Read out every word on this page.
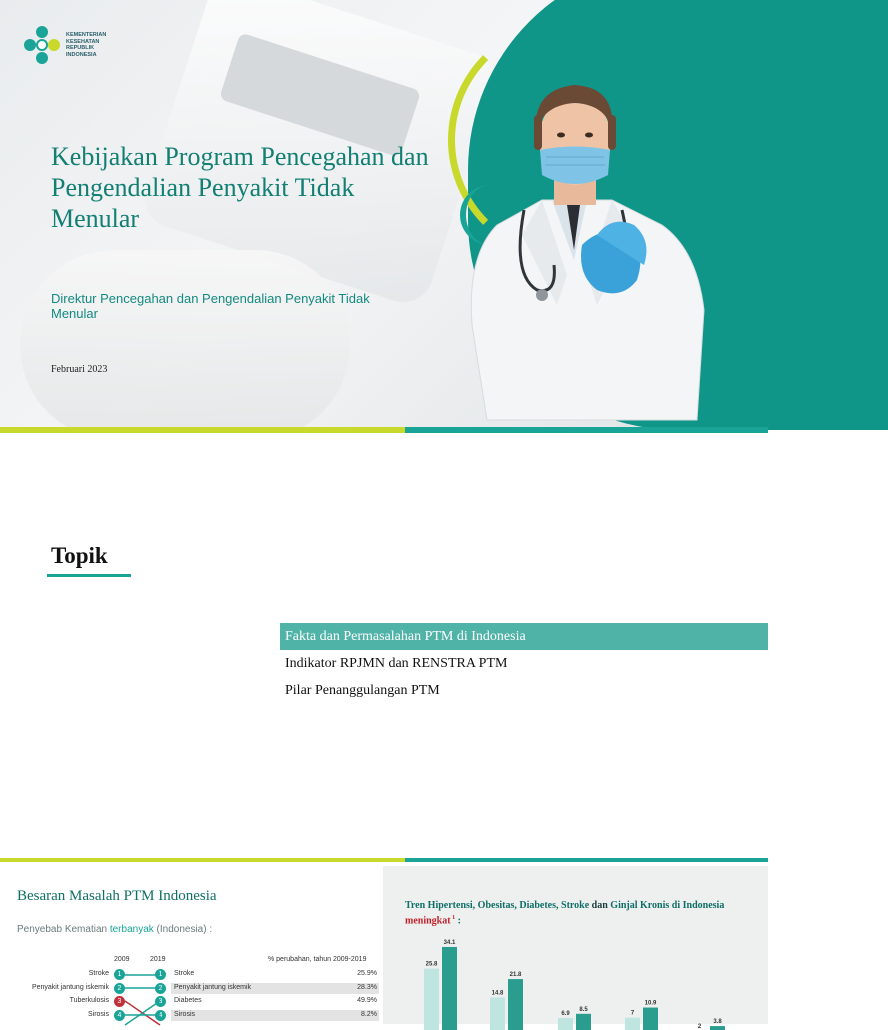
KEMENTERIAN
KESEHATAN
REPUBLIK
INDONESIA
Kebijakan Program Pencegahan dan Pengendalian Penyakit Tidak Menular
Direktur Pencegahan dan Pengendalian Penyakit Tidak Menular
Februari 2023
Topik
Fakta dan Permasalahan PTM di Indonesia
Indikator RPJMN dan RENSTRA PTM
Pilar Penanggulangan PTM
Besaran Masalah PTM Indonesia
Penyebab Kematian terbanyak (Indonesia) :
2009	2019	% perubahan, tahun 2009-2019
Stroke	1	1	Stroke	25.9%
Penyakit jantung iskemik	2	2	Penyakit jantung iskemik	28.3%
Tuberkulosis	3	3	Diabetes	49.9%
Sirosis	4	4	Sirosis	8.2%
Tren Hipertensi, Obesitas, Diabetes, Stroke dan Ginjal Kronis di Indonesia meningkat $^1$ :
25.8
14.8
6.9	7
2
34.1
21.8
8.5
10.9
3.8
